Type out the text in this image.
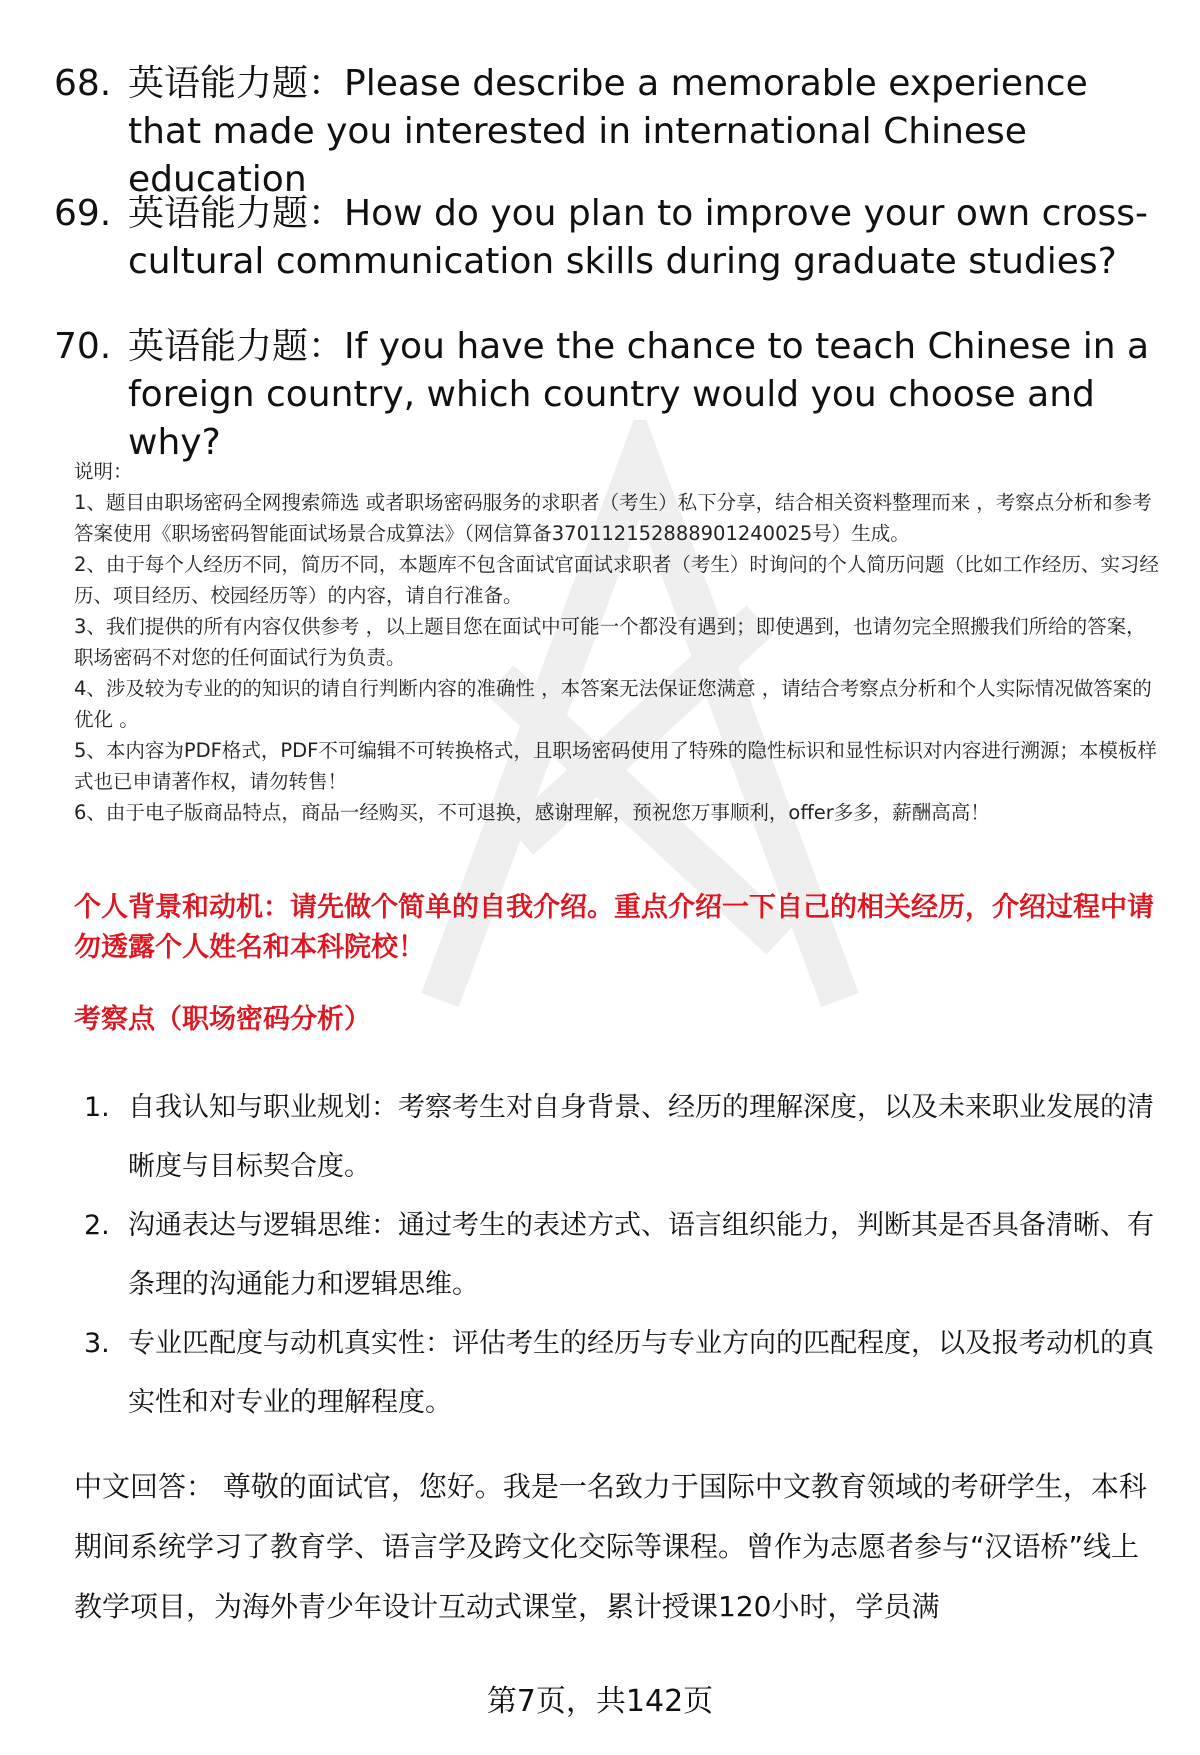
68. 英语能力题：Please describe a memorable experience that made you interested in international Chinese education
69. 英语能力题：How do you plan to improve your own cross-cultural communication skills during graduate studies?
70. 英语能力题：If you have the chance to teach Chinese in a foreign country, which country would you choose and why?

说明：

1、题目由职场密码全网搜索筛选 或者职场密码服务的求职者（考生）私下分享，结合相关资料整理而来 ，考察点分析和参考答案使用《职场密码智能面试场景合成算法》（网信算备370112152888901240025号）生成。

2、由于每个人经历不同，简历不同，本题库不包含面试官面试求职者（考生）时询问的个人简历问题（比如工作经历、实习经历、项目经历、校园经历等）的内容，请自行准备。

3、我们提供的所有内容仅供参考 ，以上题目您在面试中可能一个都没有遇到；即使遇到，也请勿完全照搬我们所给的答案，职场密码不对您的任何面试行为负责。

4、涉及较为专业的的知识的请自行判断内容的准确性 ，本答案无法保证您满意 ，请结合考察点分析和个人实际情况做答案的优化 。

5、本内容为PDF格式，PDF不可编辑不可转换格式，且职场密码使用了特殊的隐性标识和显性标识对内容进行溯源；本模板样式也已申请著作权，请勿转售！

6、由于电子版商品特点，商品一经购买，不可退换，感谢理解，预祝您万事顺利，offer多多，薪酬高高！

个人背景和动机：请先做个简单的自我介绍。重点介绍一下自己的相关经历，介绍过程中请勿透露个人姓名和本科院校！
考察点（职场密码分析）
1. 自我认知与职业规划：考察考生对自身背景、经历的理解深度，以及未来职业发展的清晰度与目标契合度。
2. 沟通表达与逻辑思维：通过考生的表述方式、语言组织能力，判断其是否具备清晰、有条理的沟通能力和逻辑思维。
3. 专业匹配度与动机真实性：评估考生的经历与专业方向的匹配程度，以及报考动机的真实性和对专业的理解程度。
中文回答： 尊敬的面试官，您好。我是一名致力于国际中文教育领域的考研学生，本科期间系统学习了教育学、语言学及跨文化交际等课程。曾作为志愿者参与“汉语桥”线上教学项目，为海外青少年设计互动式课堂，累计授课120小时，学员满
第7页，共142页
